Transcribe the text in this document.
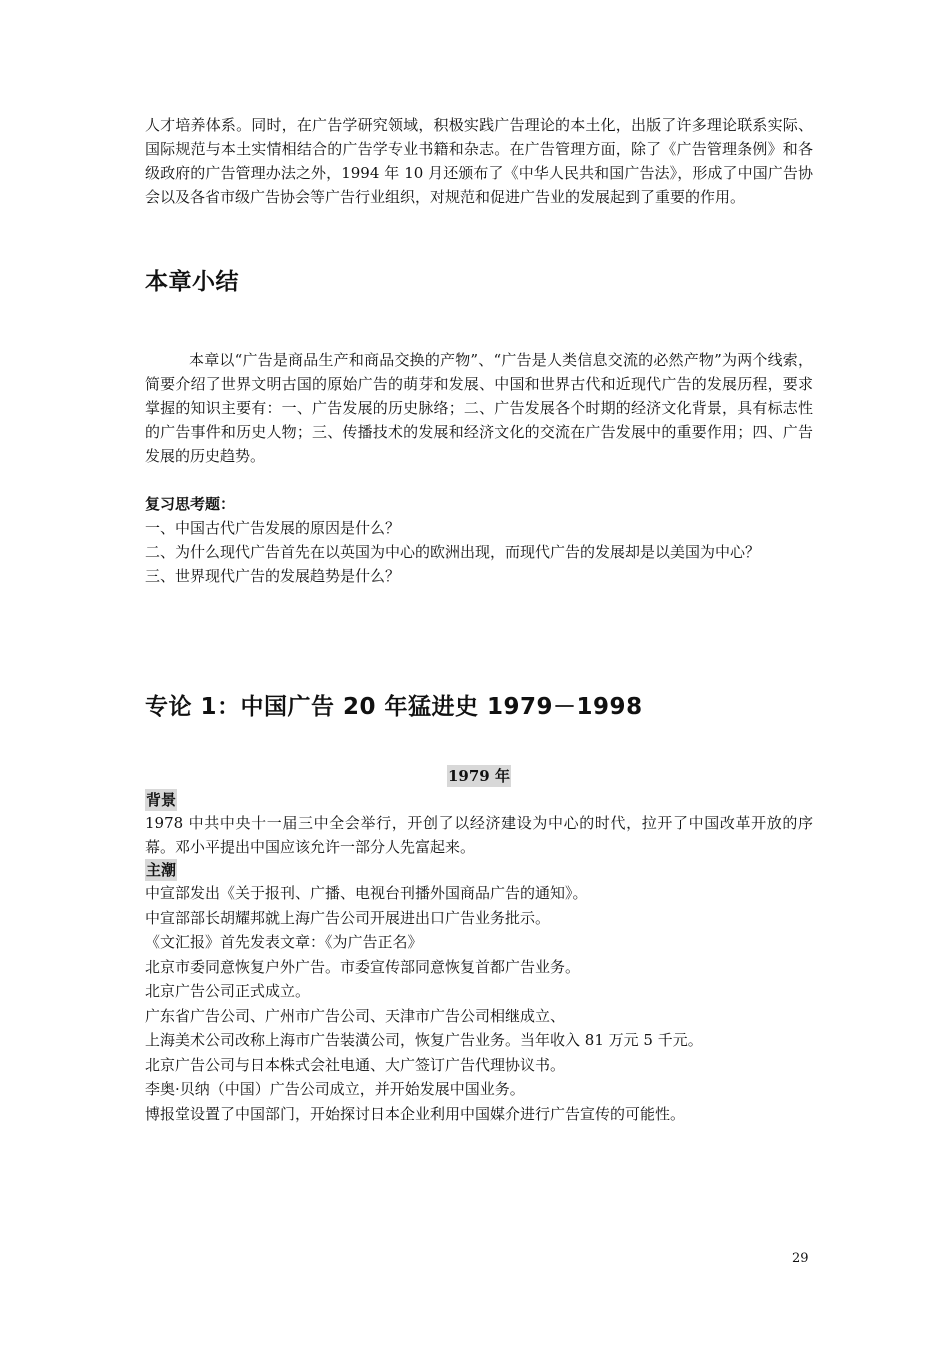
人才培养体系。同时，在广告学研究领域，积极实践广告理论的本土化，出版了许多理论联系实际、国际规范与本土实情相结合的广告学专业书籍和杂志。在广告管理方面，除了《广告管理条例》和各级政府的广告管理办法之外，1994 年 10 月还颁布了《中华人民共和国广告法》，形成了中国广告协会以及各省市级广告协会等广告行业组织，对规范和促进广告业的发展起到了重要的作用。

本章小结

本章以“广告是商品生产和商品交换的产物”、“广告是人类信息交流的必然产物”为两个线索，简要介绍了世界文明古国的原始广告的萌芽和发展、中国和世界古代和近现代广告的发展历程，要求掌握的知识主要有：一、广告发展的历史脉络；二、广告发展各个时期的经济文化背景，具有标志性的广告事件和历史人物；三、传播技术的发展和经济文化的交流在广告发展中的重要作用；四、广告发展的历史趋势。

复习思考题：

一、中国古代广告发展的原因是什么？

二、为什么现代广告首先在以英国为中心的欧洲出现，而现代广告的发展却是以美国为中心？

三、世界现代广告的发展趋势是什么？

专论 1：中国广告 20 年猛进史 1979－1998
1979 年
背景

1978 中共中央十一届三中全会举行，开创了以经济建设为中心的时代，拉开了中国改革开放的序幕。邓小平提出中国应该允许一部分人先富起来。

主潮

中宣部发出《关于报刊、广播、电视台刊播外国商品广告的通知》。

中宣部部长胡耀邦就上海广告公司开展进出口广告业务批示。

《文汇报》首先发表文章：《为广告正名》

北京市委同意恢复户外广告。市委宣传部同意恢复首都广告业务。

北京广告公司正式成立。

广东省广告公司、广州市广告公司、天津市广告公司相继成立、

上海美术公司改称上海市广告装潢公司，恢复广告业务。当年收入 81 万元 5 千元。

北京广告公司与日本株式会社电通、大广签订广告代理协议书。

李奥·贝纳（中国）广告公司成立，并开始发展中国业务。

博报堂设置了中国部门，开始探讨日本企业利用中国媒介进行广告宣传的可能性。

29
